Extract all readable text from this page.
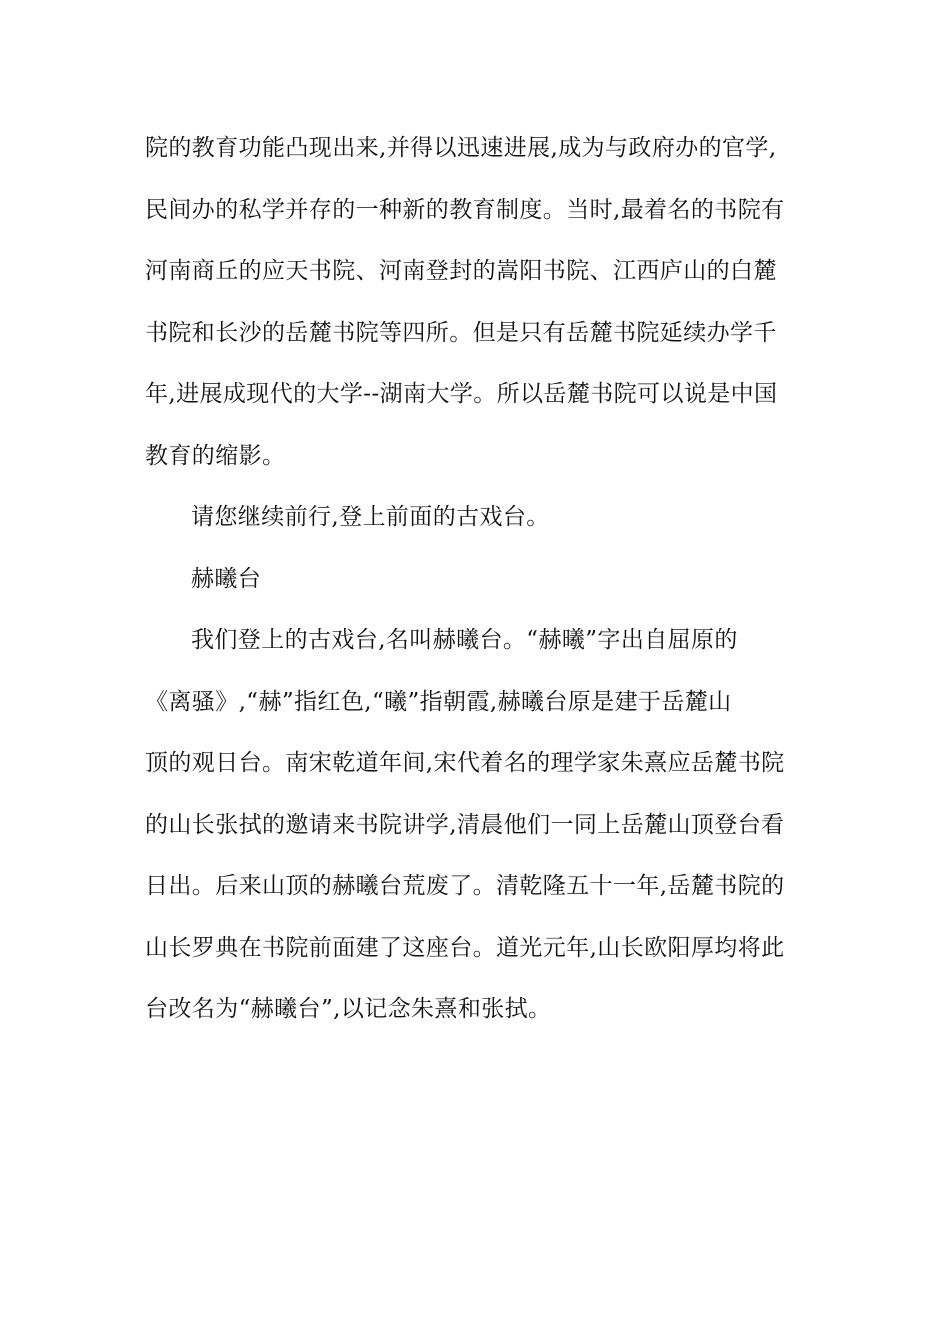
院的教育功能凸现出来,并得以迅速进展,成为与政府办的官学,
民间办的私学并存的一种新的教育制度。当时,最着名的书院有
河南商丘的应天书院、河南登封的嵩阳书院、江西庐山的白麓
书院和长沙的岳麓书院等四所。但是只有岳麓书院延续办学千
年,进展成现代的大学--湖南大学。所以岳麓书院可以说是中国
教育的缩影。
请您继续前行,登上前面的古戏台。
赫曦台
我们登上的古戏台,名叫赫曦台。“赫曦”字出自屈原的
《离骚》,“赫”指红色,“曦”指朝霞,赫曦台原是建于岳麓山
顶的观日台。南宋乾道年间,宋代着名的理学家朱熹应岳麓书院
的山长张拭的邀请来书院讲学,清晨他们一同上岳麓山顶登台看
日出。后来山顶的赫曦台荒废了。清乾隆五十一年,岳麓书院的
山长罗典在书院前面建了这座台。道光元年,山长欧阳厚均将此
台改名为“赫曦台”,以记念朱熹和张拭。
